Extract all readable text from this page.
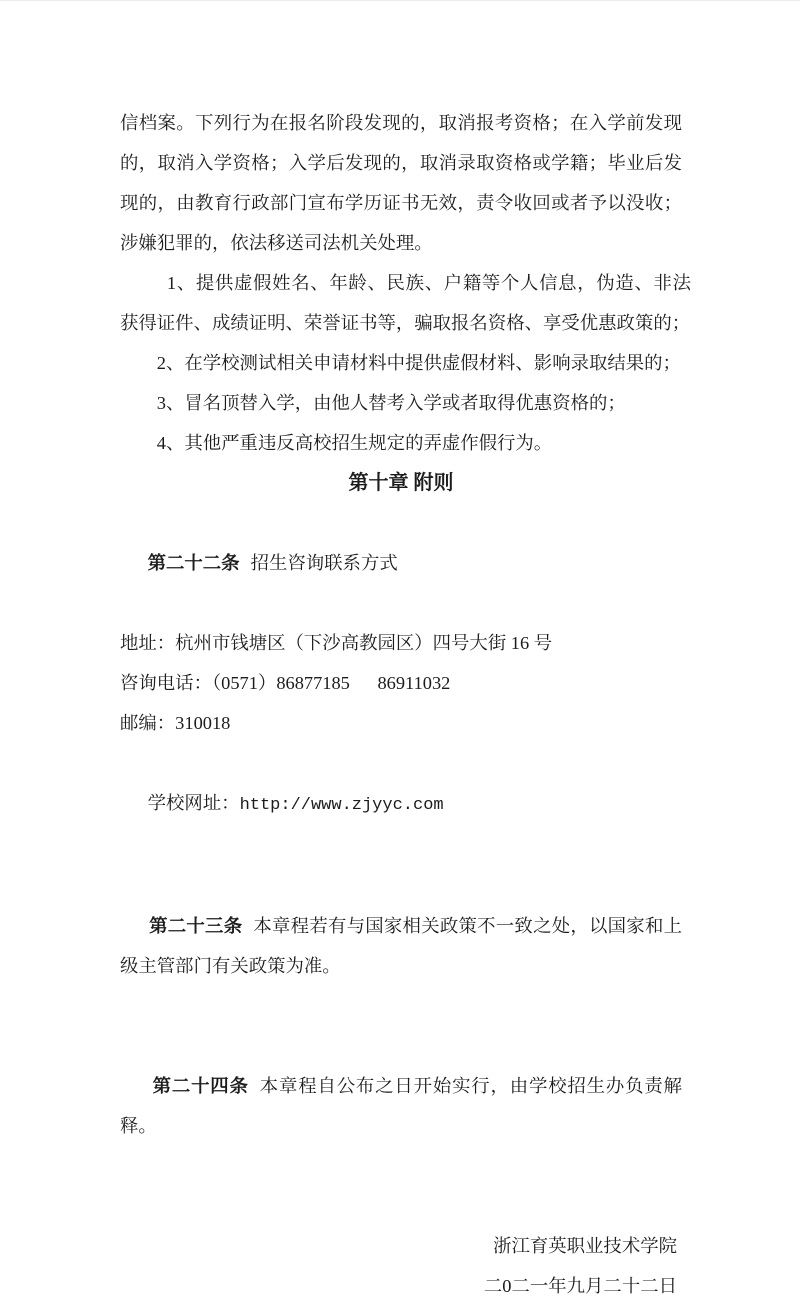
信档案。下列行为在报名阶段发现的，取消报考资格；在入学前发现的，取消入学资格；入学后发现的，取消录取资格或学籍；毕业后发现的，由教育行政部门宣布学历证书无效，责令收回或者予以没收；涉嫌犯罪的，依法移送司法机关处理。

1、提供虚假姓名、年龄、民族、户籍等个人信息，伪造、非法获得证件、成绩证明、荣誉证书等，骗取报名资格、享受优惠政策的；

2、在学校测试相关申请材料中提供虚假材料、影响录取结果的；

3、冒名顶替入学，由他人替考入学或者取得优惠资格的；

4、其他严重违反高校招生规定的弄虚作假行为。

第十章 附则

第二十二条 招生咨询联系方式

地址：杭州市钱塘区（下沙高教园区）四号大街 16 号

咨询电话：（0571）86877185      86911032

邮编：310018

学校网址：http://www.zjyyc.com

第二十三条 本章程若有与国家相关政策不一致之处，以国家和上级主管部门有关政策为准。

第二十四条 本章程自公布之日开始实行，由学校招生办负责解释。

浙江育英职业技术学院

二0二一年九月二十二日
